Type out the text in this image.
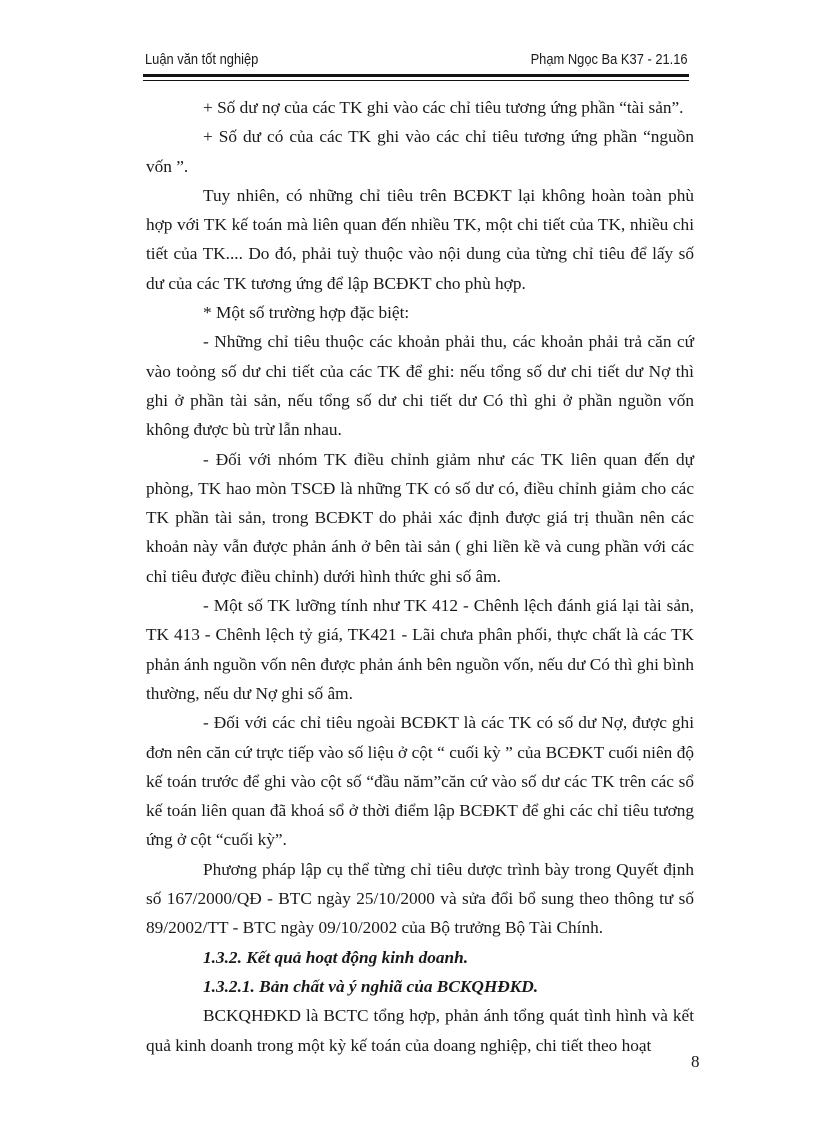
Luận văn tốt nghiệp	Phạm Ngọc Ba K37 - 21.16

+ Số dư nợ của các TK ghi vào các chỉ tiêu tương ứng phần “tài sản”.

+ Số dư có của các TK ghi vào các chỉ tiêu tương ứng phần “nguồn vốn ”.

Tuy nhiên, có những chỉ tiêu trên BCĐKT lại không hoàn toàn phù hợp với TK kế toán mà liên quan đến nhiều TK, một chi tiết của TK, nhiều chi tiết của TK.... Do đó, phải tuỳ thuộc vào nội dung của từng chỉ tiêu để lấy số dư của các TK tương ứng để lập BCĐKT cho phù hợp.

* Một số trường hợp đặc biệt:

- Những chỉ tiêu thuộc các khoản phải thu, các khoản phải trả căn cứ vào toỏng số dư chi tiết của các TK để ghi: nếu tổng số dư chi tiết dư Nợ thì ghi ở phần tài sản, nếu tổng số dư chi tiết dư Có thì ghi ở phần nguồn vốn không được bù trừ lẫn nhau.

- Đối với nhóm TK điều chỉnh giảm như các TK liên quan đến dự phòng, TK hao mòn TSCĐ là những TK có số dư có, điều chỉnh giảm cho các TK phần tài sản, trong BCĐKT do phải xác định được giá trị thuần nên các khoản này vẫn được phản ánh ở bên tài sản ( ghi liền kề và cung phần với các chỉ tiêu được điều chỉnh) dưới hình thức ghi số âm.

- Một số TK lưỡng tính như TK 412 - Chênh lệch đánh giá lại tài sản, TK 413 - Chênh lệch tỷ giá, TK421 - Lãi chưa phân phối, thực chất là các TK phản ánh nguồn vốn nên được phản ánh bên nguồn vốn, nếu dư Có thì ghi bình thường, nếu dư Nợ ghi số âm.

- Đối với các chỉ tiêu ngoài BCĐKT là các TK có số dư Nợ, được ghi đơn nên căn cứ trực tiếp vào số liệu ở cột “ cuối kỳ ” của BCĐKT cuối niên độ kế toán trước để ghi vào cột số “đầu năm”căn cứ vào số dư các TK trên các sổ kế toán liên quan đã khoá sổ ở thời điểm lập BCĐKT để ghi các chỉ tiêu tương ứng ở cột “cuối kỳ”.

Phương pháp lập cụ thể từng chỉ tiêu dược trình bày trong Quyết định số 167/2000/QĐ - BTC ngày 25/10/2000 và sửa đổi bổ sung theo thông tư số 89/2002/TT - BTC ngày 09/10/2002 của Bộ trưởng Bộ Tài Chính.

1.3.2. Kết quả hoạt động kinh doanh.

1.3.2.1. Bản chất và ý nghiã của BCKQHĐKD.

BCKQHĐKD là BCTC tổng hợp, phản ánh tổng quát tình hình và kết quả kinh doanh trong một kỳ kế toán của doang nghiệp, chi tiết theo hoạt

8
